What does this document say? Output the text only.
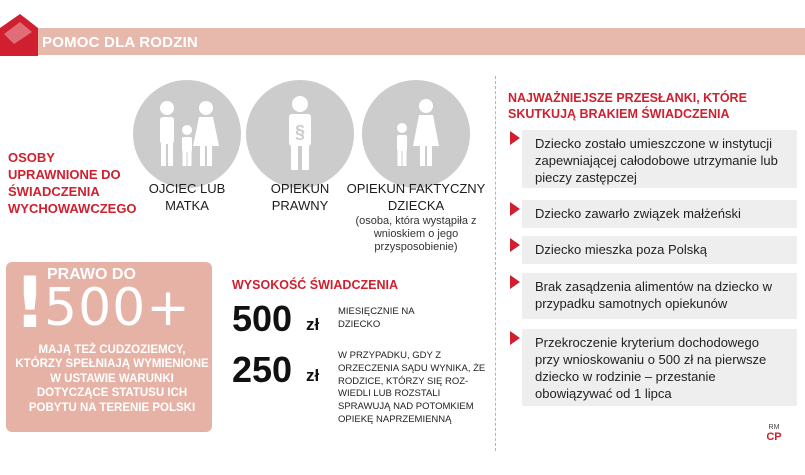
POMOC DLA RODZIN
OSOBY UPRAWNIONE DO ŚWIADCZENIA WYCHOWAWCZEGO
OJCIEC LUB MATKA
§
OPIEKUN PRAWNY
OPIEKUN FAKTYCZNY DZIECKA
(osoba, która wystąpiła z wnioskiem o jego przysposobienie)
! PRAWO DO
500+
MAJĄ TEŻ CUDZOZIEMCY, KTÓRZY SPEŁNIAJĄ WYMIENIONE W USTAWIE WARUNKI DOTYCZĄCE STATUSU ICH POBYTU NA TERENIE POLSKI
WYSOKOŚĆ ŚWIADCZENIA
500 zł
MIESIĘCZNIE NA DZIECKO
250 zł
W PRZYPADKU, GDY Z ORZECZENIA SĄDU WYNIKA, ŻE RODZICE, KTÓRZY SIĘ ROZ- WIEDLI LUB ROZSTALI SPRAWUJĄ NAD POTOMKIEM OPIEKĘ NAPRZEMIENNĄ
NAJWAŻNIEJSZE PRZESŁANKI, KTÓRE SKUTKUJĄ BRAKIEM ŚWIADCZENIA
Dziecko zostało umieszczone w instytucji zapewniającej całodobowe utrzymanie lub pieczy zastępczej
Dziecko zawarło związek małżeński
Dziecko mieszka poza Polską
Brak zasądzenia alimentów na dziecko w przypadku samotnych opiekunów
Przekroczenie kryterium dochodowego przy wnioskowaniu o 500 zł na pierwsze dziecko w rodzinie – przestanie obowiązywać od 1 lipca
RM
CP
